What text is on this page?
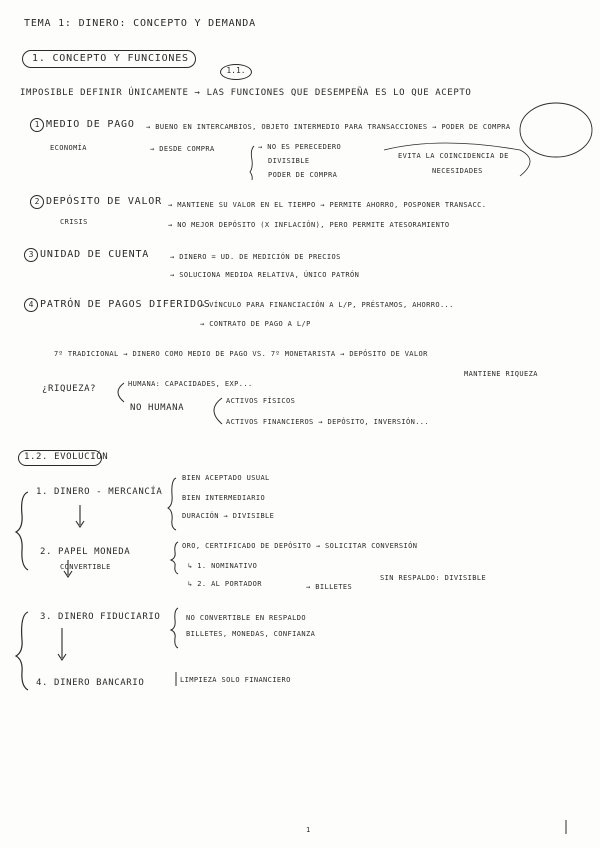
TEMA 1: DINERO: CONCEPTO Y DEMANDA
1. CONCEPTO Y FUNCIONES
1.1.
IMPOSIBLE DEFINIR ÚNICAMENTE → LAS FUNCIONES QUE DESEMPEÑA ES LO QUE ACEPTO
1 MEDIO DE PAGO → BUENO EN INTERCAMBIOS, OBJETO INTERMEDIO PARA TRANSACCIONES → PODER DE COMPRA
ECONOMÍA	→ DESDE COMPRA	→ NO ES PERECEDERO
DIVISIBLE
PODER DE COMPRA
EVITA LA COINCIDENCIA DE
NECESIDADES
2 DEPÓSITO DE VALOR → MANTIENE SU VALOR EN EL TIEMPO → PERMITE AHORRO, POSPONER TRANSACC.
CRISIS	→ NO MEJOR DEPÓSITO (X INFLACIÓN), PERO PERMITE ATESORAMIENTO
3 UNIDAD DE CUENTA	→ DINERO = UD. DE MEDICIÓN DE PRECIOS
→ SOLUCIONA MEDIDA RELATIVA, ÚNICO PATRÓN
4 PATRÓN DE PAGOS DIFERIDOS
→ VÍNCULO PARA FINANCIACIÓN A L/P, PRÉSTAMOS, AHORRO...
→ CONTRATO DE PAGO A L/P
7º TRADICIONAL → DINERO COMO MEDIO DE PAGO VS. 7º MONETARISTA → DEPÓSITO DE VALOR
MANTIENE RIQUEZA
¿RIQUEZA?	HUMANA: CAPACIDADES, EXP...
NO HUMANA
ACTIVOS FÍSICOS
ACTIVOS FINANCIEROS → DEPÓSITO, INVERSIÓN...
1.2. EVOLUCIÓN
1. DINERO - MERCANCÍA
BIEN ACEPTADO USUAL
BIEN INTERMEDIARIO
DURACIÓN → DIVISIBLE
2. PAPEL MONEDA
CONVERTIBLE
ORO, CERTIFICADO DE DEPÓSITO → SOLICITAR CONVERSIÓN
↳ 1. NOMINATIVO
↳ 2. AL PORTADOR	→ BILLETES
SIN RESPALDO: DIVISIBLE
3. DINERO FIDUCIARIO	NO CONVERTIBLE EN RESPALDO
BILLETES, MONEDAS, CONFIANZA
4. DINERO BANCARIO	LIMPIEZA SOLO FINANCIERO
1
